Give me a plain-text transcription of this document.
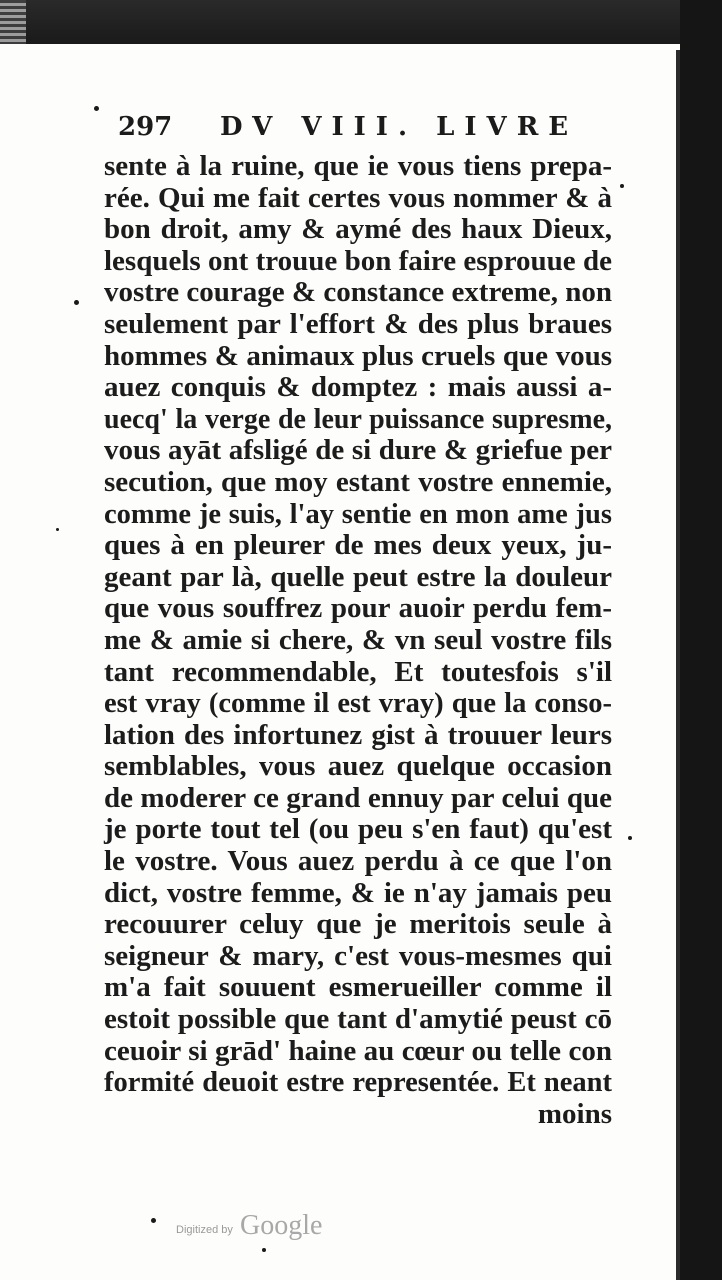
297 DV VIII. LIVRE
sente à la ruine, que ie vous tiens prepa-
rée. Qui me fait certes vous nommer & à
bon droit, amy & aymé des haux Dieux,
lesquels ont trouue bon faire esprouue de
vostre courage & constance extreme, non
seulement par l'effort & des plus braues
hommes & animaux plus cruels que vous
auez conquis & domptez : mais aussi a-
uecq' la verge de leur puissance supresme,
vous ayāt afsligé de si dure & griefue per
secution, que moy estant vostre ennemie,
comme je suis, l'ay sentie en mon ame jus
ques à en pleurer de mes deux yeux, ju-
geant par là, quelle peut estre la douleur
que vous souffrez pour auoir perdu fem-
me & amie si chere, & vn seul vostre fils
tant recommendable, Et toutesfois s'il
est vray (comme il est vray) que la conso-
lation des infortunez gist à trouuer leurs
semblables, vous auez quelque occasion
de moderer ce grand ennuy par celui que
je porte tout tel (ou peu s'en faut) qu'est
le vostre. Vous auez perdu à ce que l'on
dict, vostre femme, & ie n'ay jamais peu
recouurer celuy que je meritois seule à
seigneur & mary, c'est vous-mesmes qui
m'a fait souuent esmerueiller comme il
estoit possible que tant d'amytié peust cō
ceuoir si grād' haine au cœur ou telle con
formité deuoit estre representée. Et neant
moins
Digitized by Google
